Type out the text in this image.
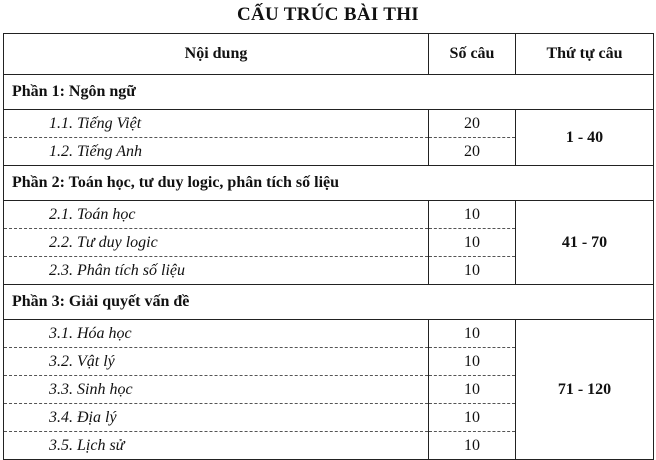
CẤU TRÚC BÀI THI
Nội dung	Số câu	Thứ tự câu
Phần 1: Ngôn ngữ		
1.1. Tiếng Việt	20	1 - 40
1.2. Tiếng Anh	20	
Phần 2: Toán học, tư duy logic, phân tích số liệu		
2.1. Toán học	10	41 - 70
2.2. Tư duy logic	10	
2.3. Phân tích số liệu	10	
Phần 3: Giải quyết vấn đề		
3.1. Hóa học	10	71 - 120
3.2. Vật lý	10	
3.3. Sinh học	10	
3.4. Địa lý	10	
3.5. Lịch sử	10	
